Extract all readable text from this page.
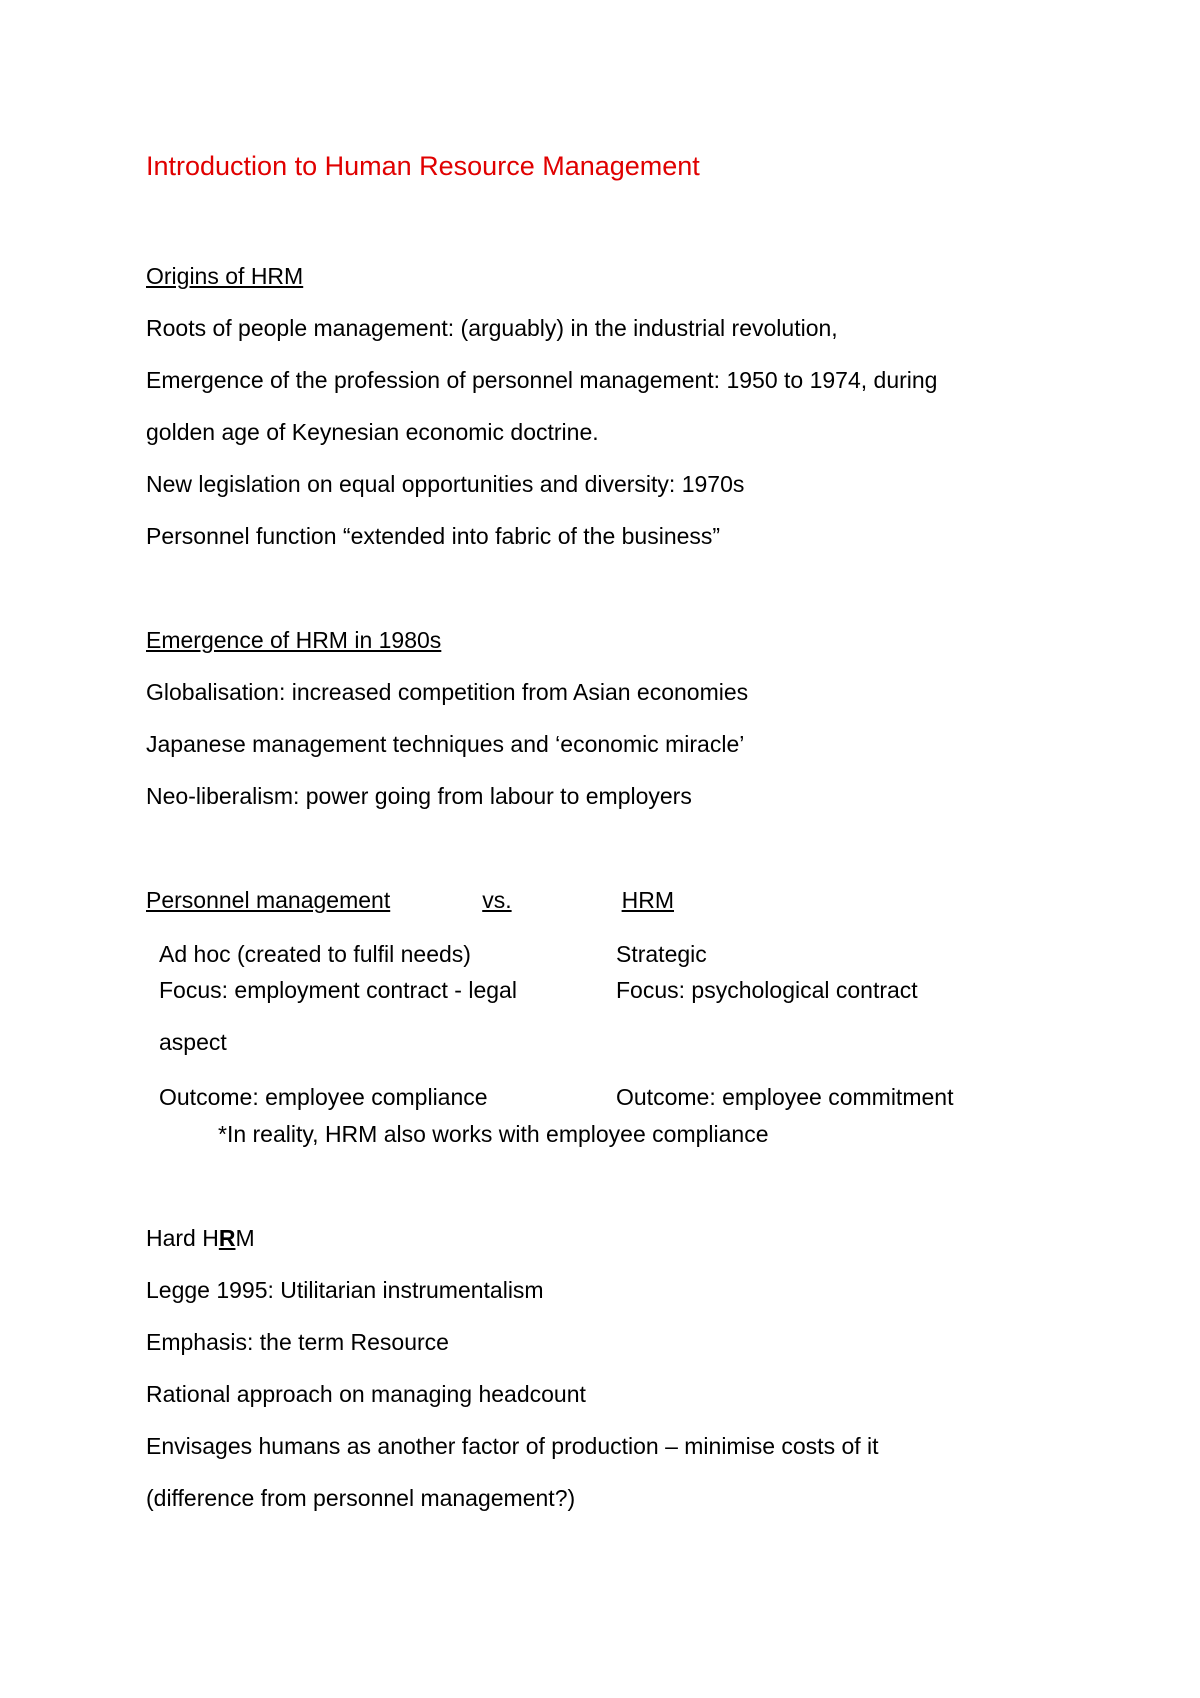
Introduction to Human Resource Management
Origins of HRM
Roots of people management: (arguably) in the industrial revolution,
Emergence of the profession of personnel management: 1950 to 1974, during
golden age of Keynesian economic doctrine.
New legislation on equal opportunities and diversity: 1970s
Personnel function “extended into fabric of the business”
Emergence of HRM in 1980s
Globalisation: increased competition from Asian economies
Japanese management techniques and ‘economic miracle’
Neo-liberalism: power going from labour to employers
Personnel management	vs.	HRM
Ad hoc (created to fulfil needs)	Strategic
Focus: employment contract - legal	Focus: psychological contract
aspect
Outcome: employee compliance	Outcome: employee commitment
*In reality, HRM also works with employee compliance
Hard HRM
Legge 1995: Utilitarian instrumentalism
Emphasis: the term Resource
Rational approach on managing headcount
Envisages humans as another factor of production – minimise costs of it
(difference from personnel management?)
